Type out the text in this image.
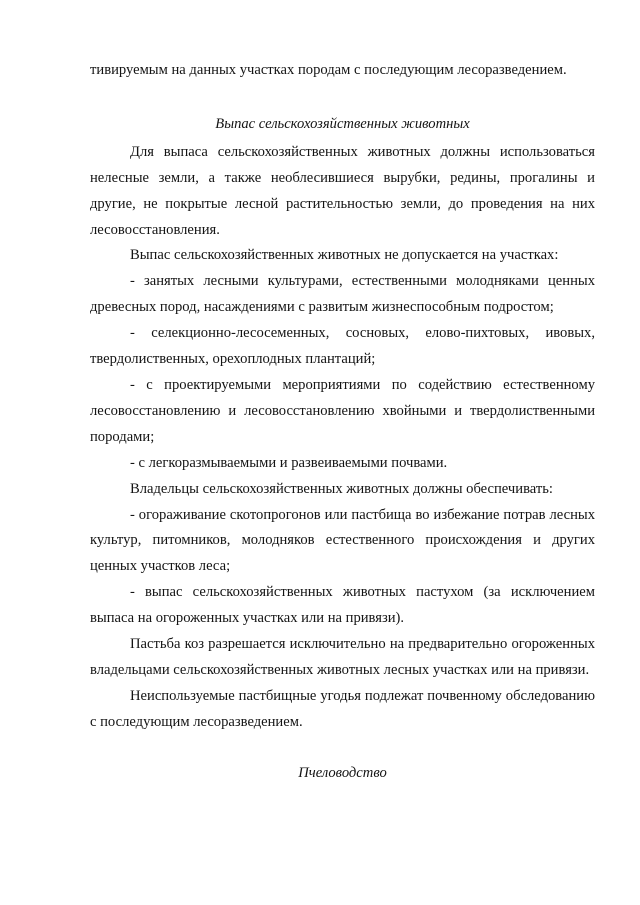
тивируемым на данных участках породам с последующим лесоразведением.

Выпас сельскохозяйственных животных

Для выпаса сельскохозяйственных животных должны использоваться нелесные земли, а также необлесившиеся вырубки, редины, прогалины и другие, не покрытые лесной растительностью земли, до проведения на них лесовосстановления.

Выпас сельскохозяйственных животных не допускается на участках:

- занятых лесными культурами, естественными молодняками ценных древесных пород, насаждениями с развитым жизнеспособным подростом;

- селекционно-лесосеменных, сосновых, елово-пихтовых, ивовых, твердолиственных, орехоплодных плантаций;

- с проектируемыми мероприятиями по содействию естественному лесовосстановлению и лесовосстановлению хвойными и твердолиственными породами;

- с легкоразмываемыми и развеиваемыми почвами.

Владельцы сельскохозяйственных животных должны обеспечивать:

- огораживание скотопрогонов или пастбища во избежание потрав лесных культур, питомников, молодняков естественного происхождения и других ценных участков леса;

- выпас сельскохозяйственных животных пастухом (за исключением выпаса на огороженных участках или на привязи).

Пастьба коз разрешается исключительно на предварительно огороженных владельцами сельскохозяйственных животных лесных участках или на привязи.

Неиспользуемые пастбищные угодья подлежат почвенному обследованию с последующим лесоразведением.

Пчеловодство
